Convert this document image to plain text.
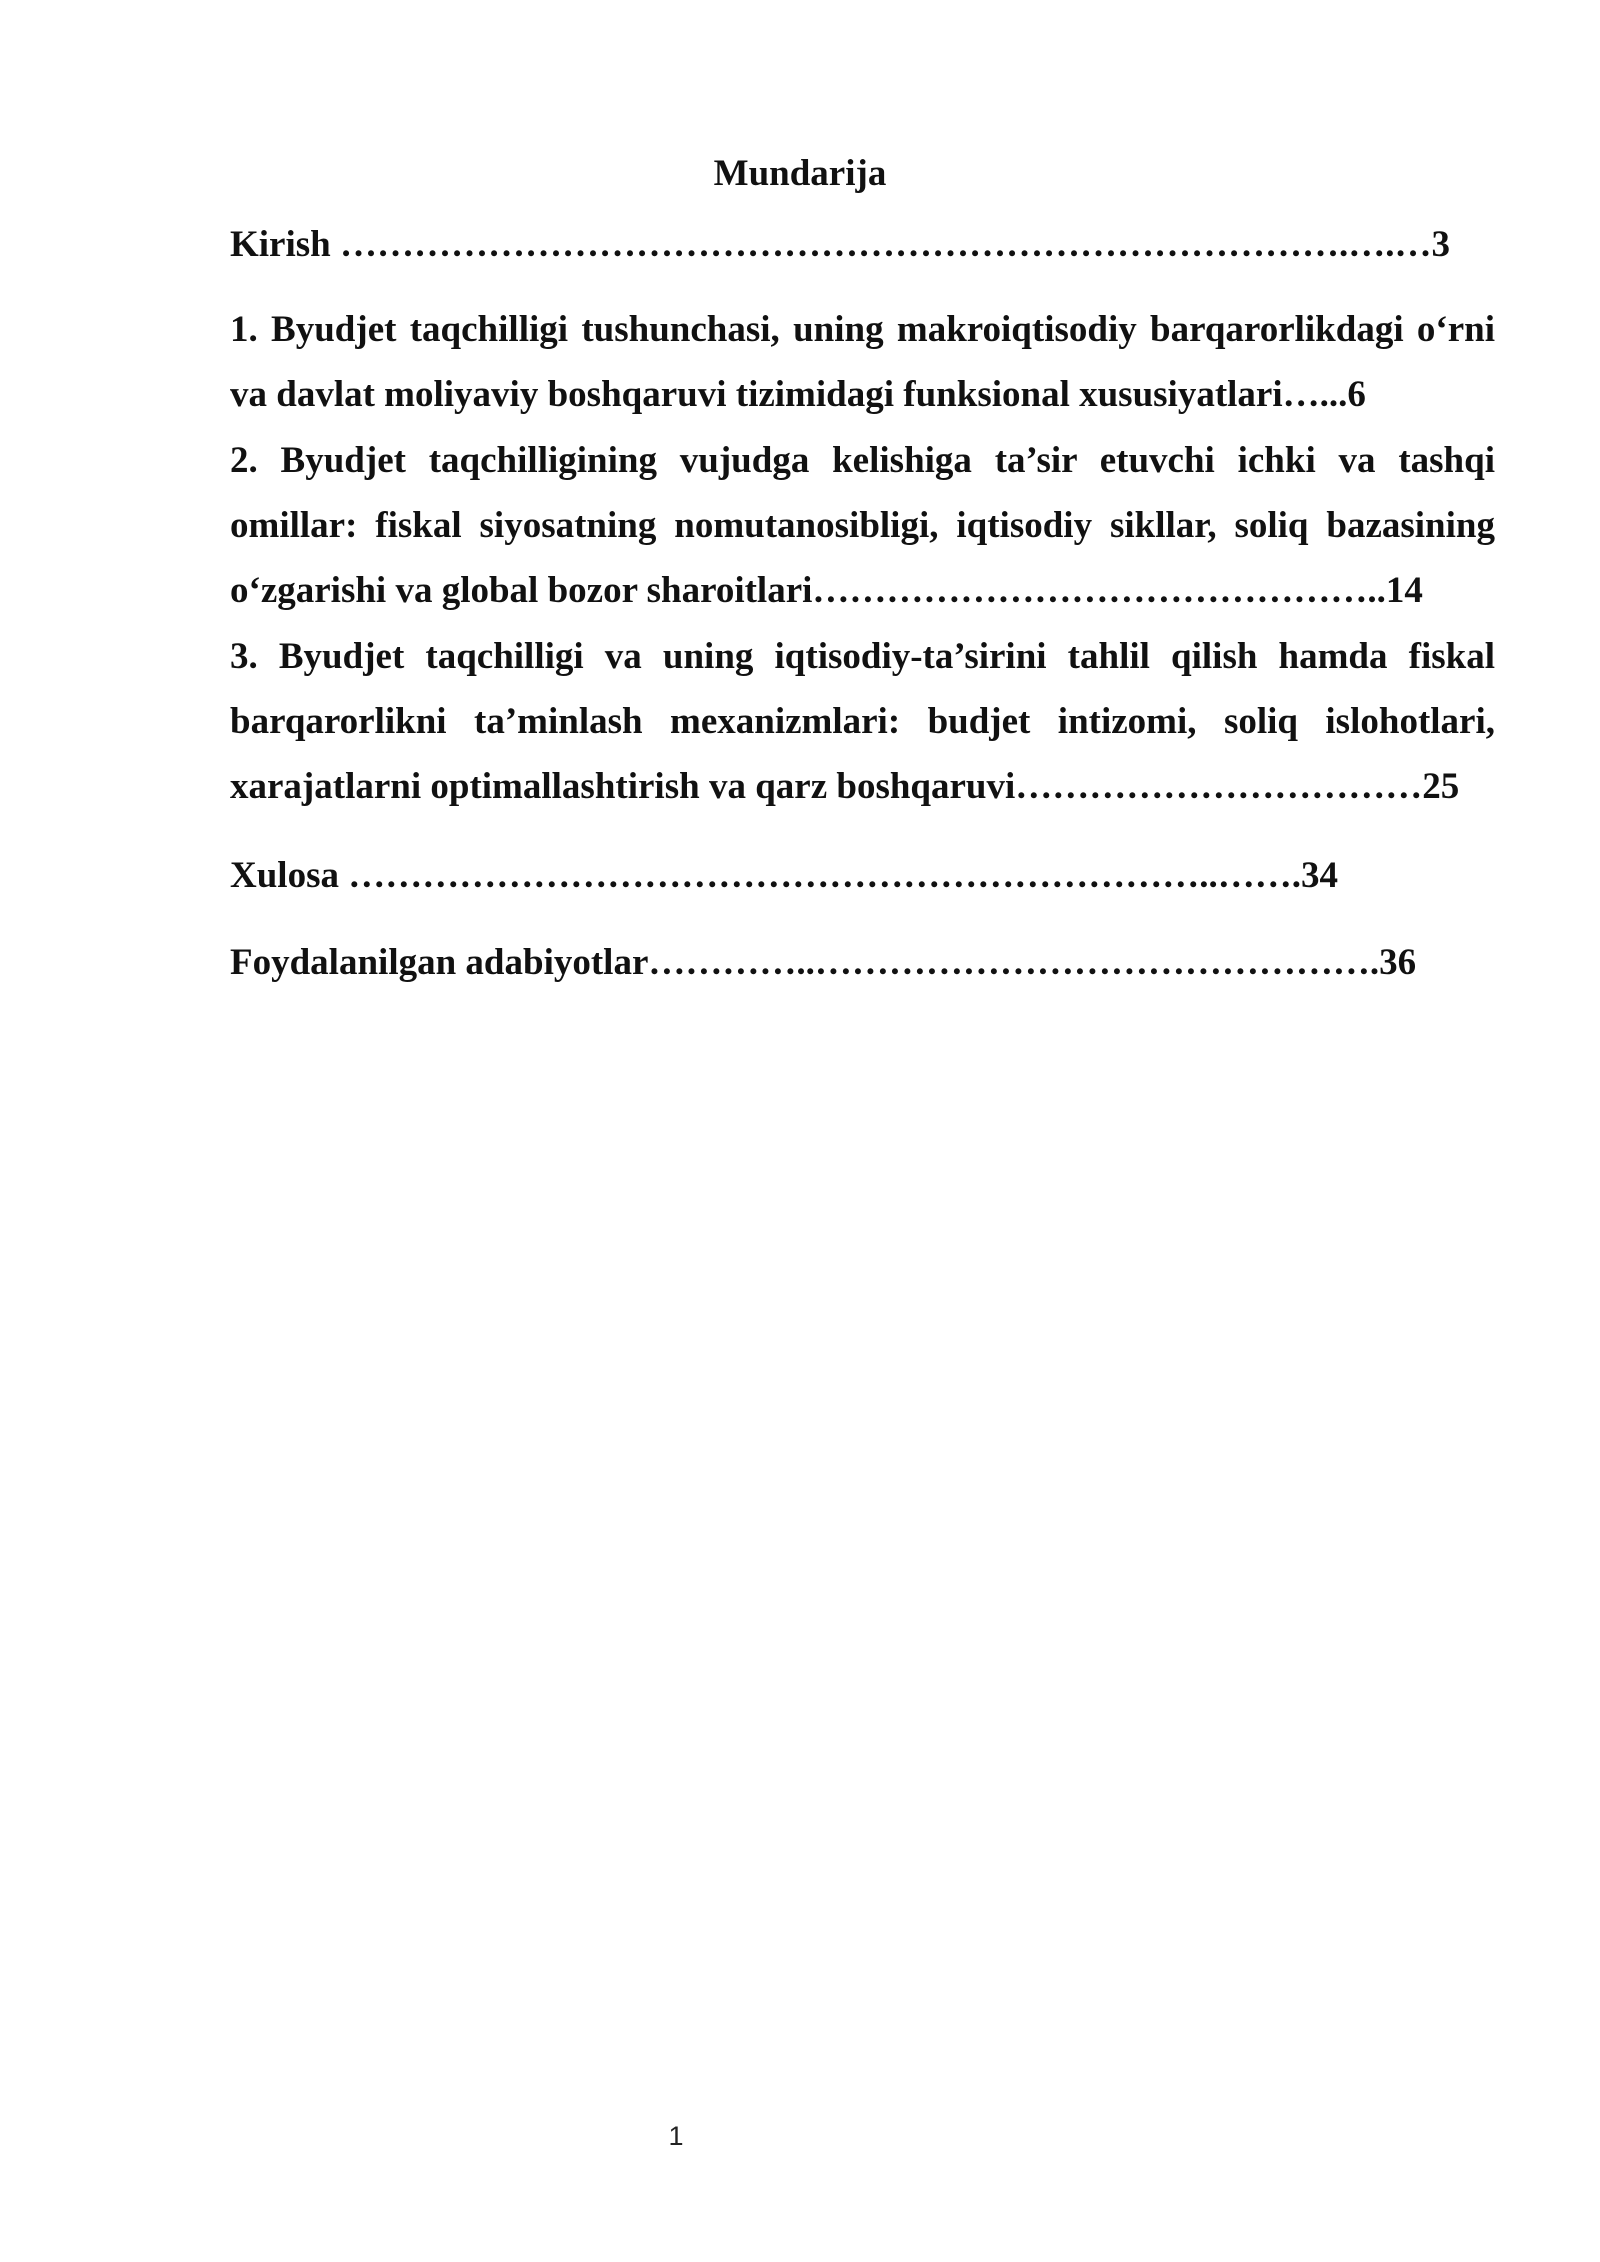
Mundarija
Kirish ……………………………………………………………………….….…3
1. Byudjet taqchilligi tushunchasi, uning makroiqtisodiy barqarorlikdagi o‘rni
va davlat moliyaviy boshqaruvi tizimidagi funksional xususiyatlari…...6
2. Byudjet taqchilligining vujudga kelishiga ta’sir etuvchi ichki va tashqi
omillar: fiskal siyosatning nomutanosibligi, iqtisodiy sikllar, soliq bazasining
o‘zgarishi va global bozor sharoitlari………………………………………..14
3. Byudjet taqchilligi va uning iqtisodiy-ta’sirini tahlil qilish hamda fiskal
barqarorlikni ta’minlash mexanizmlari: budjet intizomi, soliq islohotlari,
xarajatlarni optimallashtirish va qarz boshqaruvi……………………………25
Xulosa ……………………………………………………………..…….34
Foydalanilgan adabiyotlar…………..……………………………………….36
1
